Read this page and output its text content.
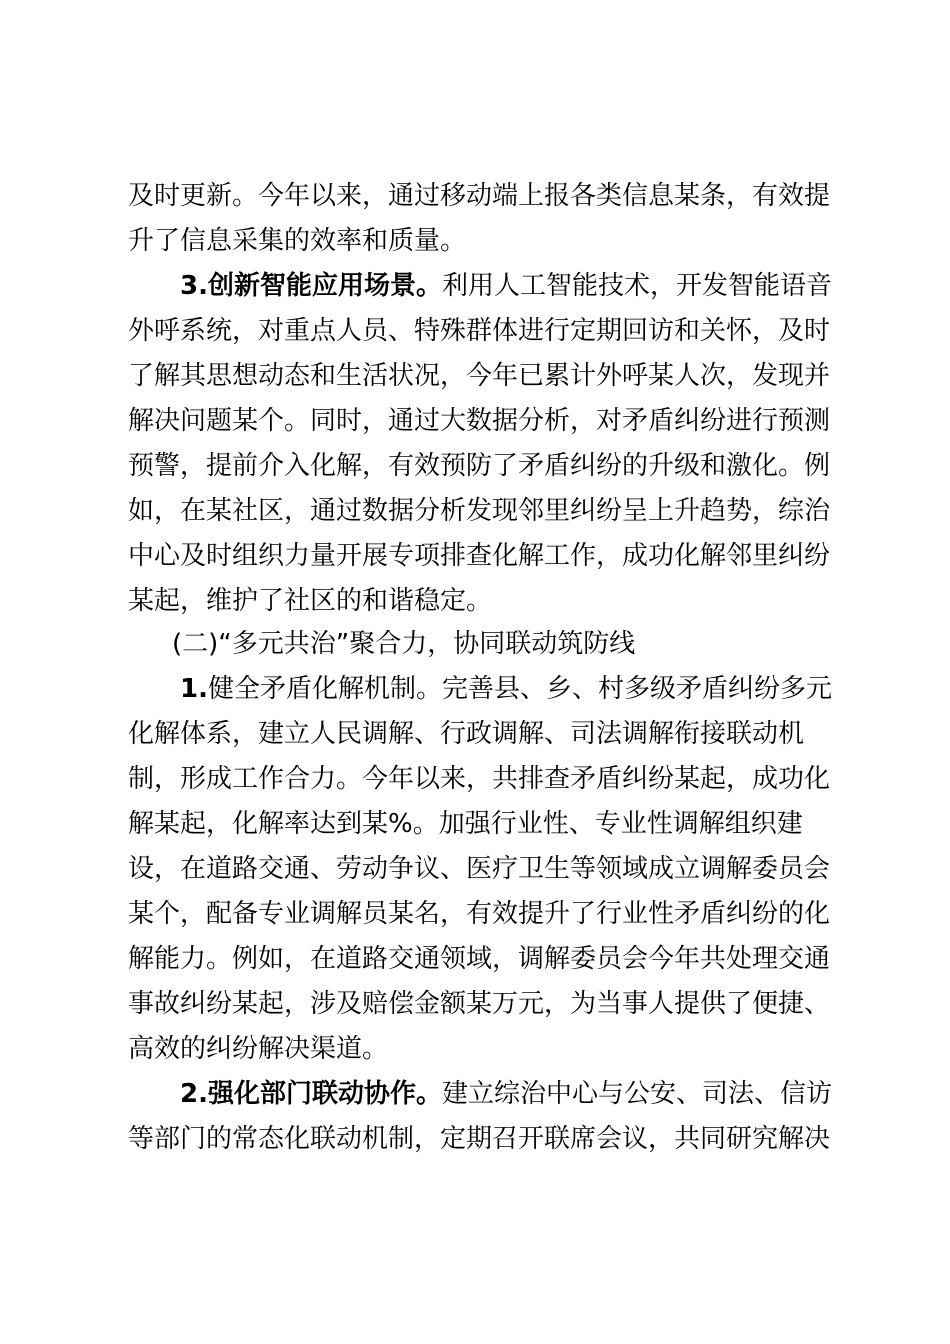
及时更新。今年以来，通过移动端上报各类信息某条，有效提
升了信息采集的效率和质量。
3.创新智能应用场景。利用人工智能技术，开发智能语音
外呼系统，对重点人员、特殊群体进行定期回访和关怀，及时
了解其思想动态和生活状况，今年已累计外呼某人次，发现并
解决问题某个。同时，通过大数据分析，对矛盾纠纷进行预测
预警，提前介入化解，有效预防了矛盾纠纷的升级和激化。例
如，在某社区，通过数据分析发现邻里纠纷呈上升趋势，综治
中心及时组织力量开展专项排查化解工作，成功化解邻里纠纷
某起，维护了社区的和谐稳定。
(二)“多元共治”聚合力，协同联动筑防线
1.健全矛盾化解机制。完善县、乡、村多级矛盾纠纷多元
化解体系，建立人民调解、行政调解、司法调解衔接联动机
制，形成工作合力。今年以来，共排查矛盾纠纷某起，成功化
解某起，化解率达到某%。加强行业性、专业性调解组织建
设，在道路交通、劳动争议、医疗卫生等领域成立调解委员会
某个，配备专业调解员某名，有效提升了行业性矛盾纠纷的化
解能力。例如，在道路交通领域，调解委员会今年共处理交通
事故纠纷某起，涉及赔偿金额某万元，为当事人提供了便捷、
高效的纠纷解决渠道。
2.强化部门联动协作。建立综治中心与公安、司法、信访
等部门的常态化联动机制，定期召开联席会议，共同研究解决
